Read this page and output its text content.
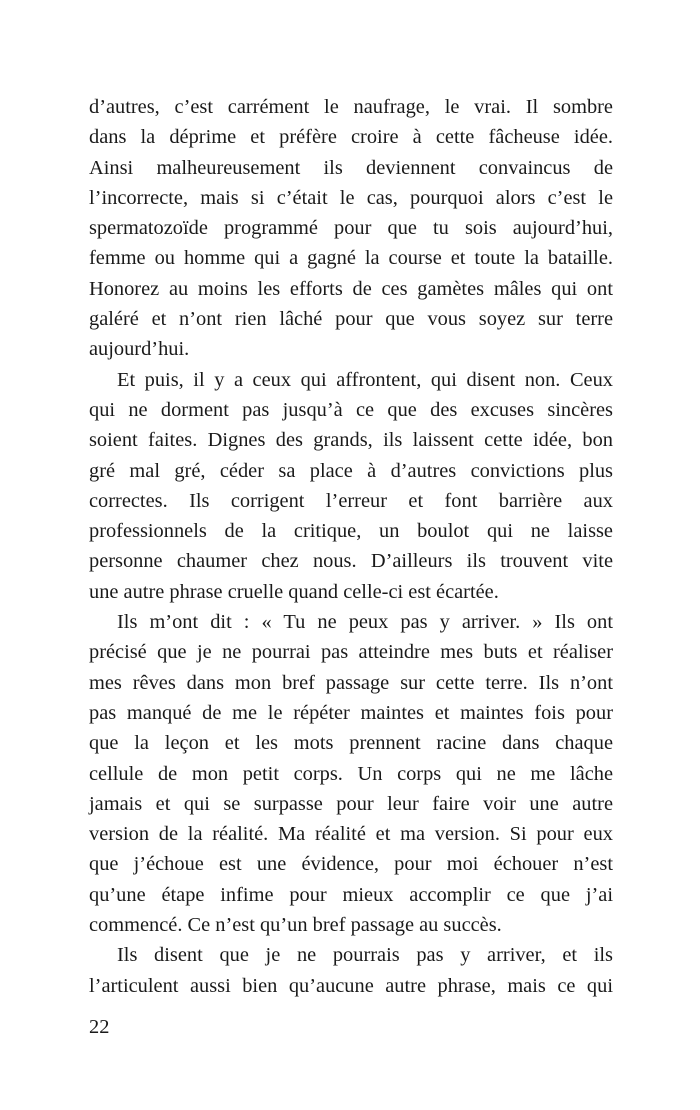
d’autres, c’est carrément le naufrage, le vrai. Il sombre
dans la déprime et préfère croire à cette fâcheuse idée.
Ainsi malheureusement ils deviennent convaincus de
l’incorrecte, mais si c’était le cas, pourquoi alors c’est le
spermatozoïde programmé pour que tu sois aujourd’hui,
femme ou homme qui a gagné la course et toute la bataille.
Honorez au moins les efforts de ces gamètes mâles qui ont
galéré et n’ont rien lâché pour que vous soyez sur terre
aujourd’hui.
Et puis, il y a ceux qui affrontent, qui disent non. Ceux
qui ne dorment pas jusqu’à ce que des excuses sincères
soient faites. Dignes des grands, ils laissent cette idée, bon
gré mal gré, céder sa place à d’autres convictions plus
correctes. Ils corrigent l’erreur et font barrière aux
professionnels de la critique, un boulot qui ne laisse
personne chaumer chez nous. D’ailleurs ils trouvent vite
une autre phrase cruelle quand celle-ci est écartée.
Ils m’ont dit : « Tu ne peux pas y arriver. » Ils ont
précisé que je ne pourrai pas atteindre mes buts et réaliser
mes rêves dans mon bref passage sur cette terre. Ils n’ont
pas manqué de me le répéter maintes et maintes fois pour
que la leçon et les mots prennent racine dans chaque
cellule de mon petit corps. Un corps qui ne me lâche
jamais et qui se surpasse pour leur faire voir une autre
version de la réalité. Ma réalité et ma version. Si pour eux
que j’échoue est une évidence, pour moi échouer n’est
qu’une étape infime pour mieux accomplir ce que j’ai
commencé. Ce n’est qu’un bref passage au succès.
Ils disent que je ne pourrais pas y arriver, et ils
l’articulent aussi bien qu’aucune autre phrase, mais ce qui
22
